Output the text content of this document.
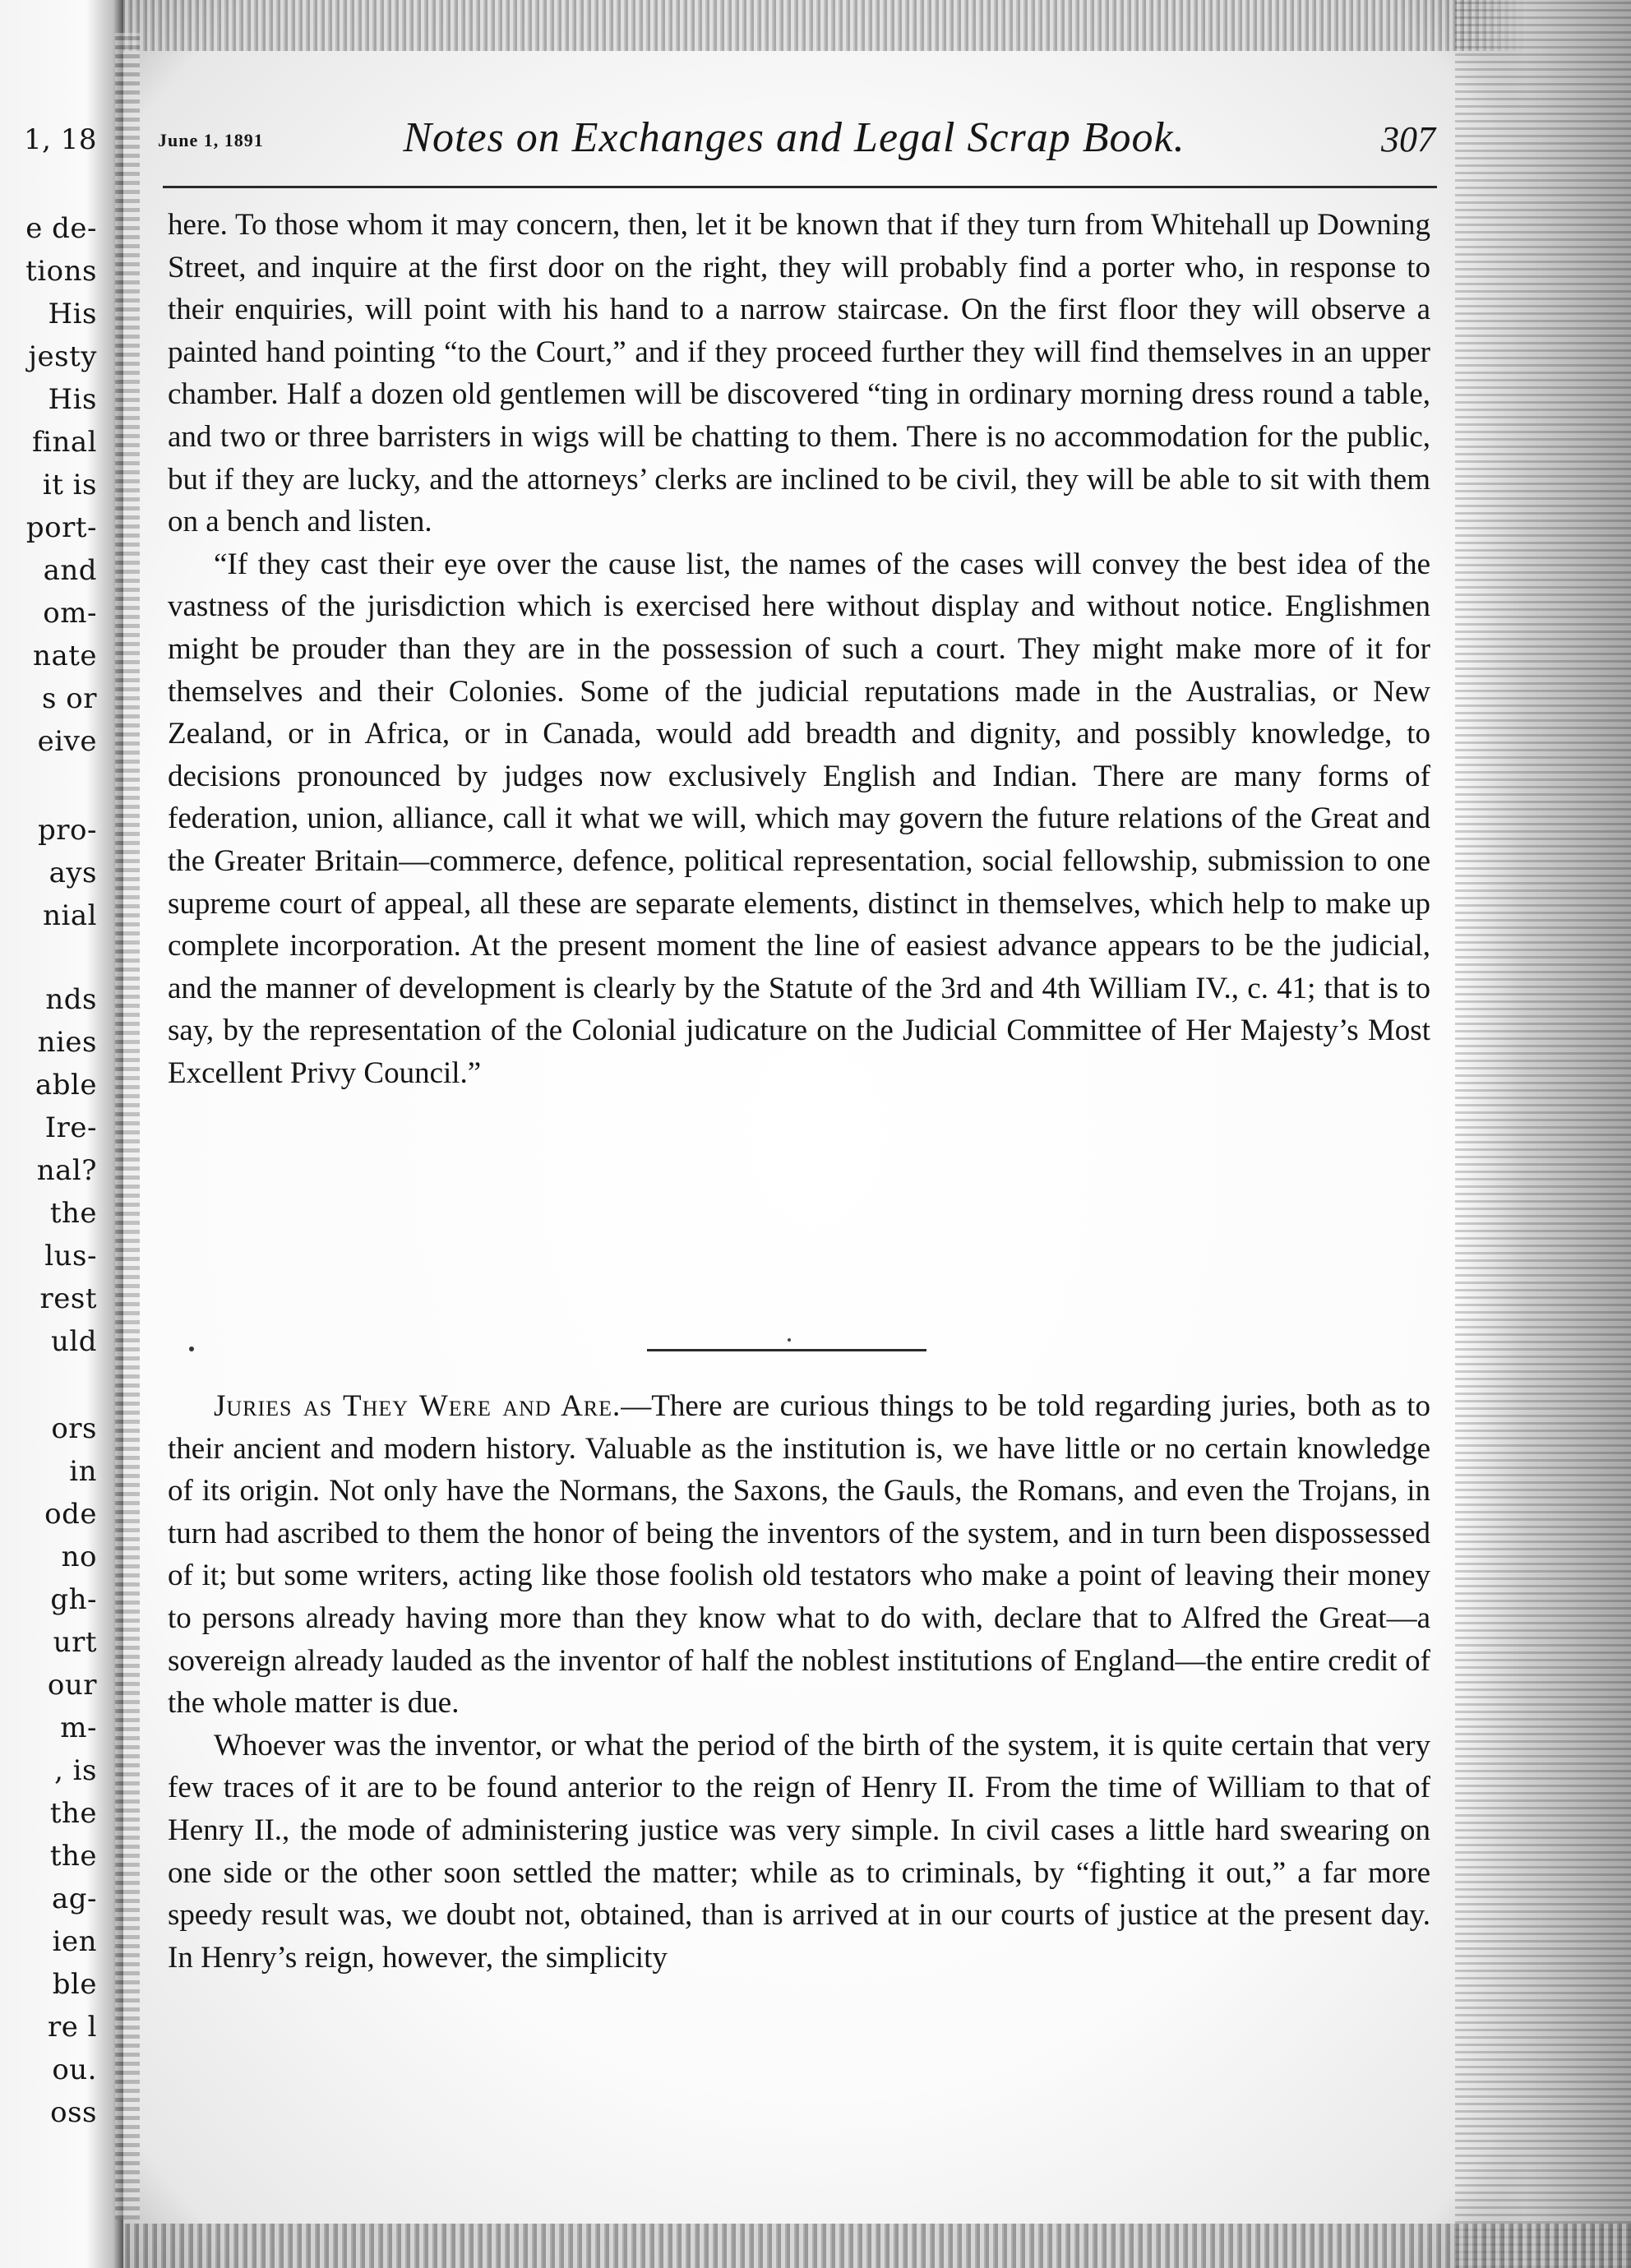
1, 18
e de-
tions
His
jesty
His
final
it is
port-
and
om-
nate
s or
eive
pro-
ays
nial
nds
nies
able
Ire-
nal?
the
lus-
rest
uld
ors
in
ode
no
gh-
urt
our
m-
, is
the
the
ag-
ien
ble
re l
ou.
oss
June 1, 1891	Notes on Exchanges and Legal Scrap Book.	307

here. To those whom it may concern, then, let it be known that if they turn from Whitehall up Downing Street, and inquire at the first door on the right, they will probably find a porter who, in response to their enquiries, will point with his hand to a narrow staircase. On the first floor they will observe a painted hand pointing “to the Court,” and if they proceed further they will find themselves in an upper chamber. Half a dozen old gentlemen will be discovered “ting in ordinary morning dress round a table, and two or three barristers in wigs will be chatting to them. There is no accommodation for the public, but if they are lucky, and the attorneys’ clerks are inclined to be civil, they will be able to sit with them on a bench and listen.

“If they cast their eye over the cause list, the names of the cases will convey the best idea of the vastness of the jurisdiction which is exercised here without display and without notice. Englishmen might be prouder than they are in the possession of such a court. They might make more of it for themselves and their Colonies. Some of the judicial reputations made in the Australias, or New Zealand, or in Africa, or in Canada, would add breadth and dignity, and possibly knowledge, to decisions pronounced by judges now exclusively English and Indian. There are many forms of federation, union, alliance, call it what we will, which may govern the future relations of the Great and the Greater Britain—commerce, defence, political representation, social fellowship, submission to one supreme court of appeal, all these are separate elements, distinct in themselves, which help to make up complete incorporation. At the present moment the line of easiest advance appears to be the judicial, and the manner of development is clearly by the Statute of the 3rd and 4th William IV., c. 41; that is to say, by the representation of the Colonial judicature on the Judicial Committee of Her Majesty’s Most Excellent Privy Council.”

Juries as They Were and Are.—There are curious things to be told regarding juries, both as to their ancient and modern history. Valuable as the institution is, we have little or no certain knowledge of its origin. Not only have the Normans, the Saxons, the Gauls, the Romans, and even the Trojans, in turn had ascribed to them the honor of being the inventors of the system, and in turn been dispossessed of it; but some writers, acting like those foolish old testators who make a point of leaving their money to persons already having more than they know what to do with, declare that to Alfred the Great—a sovereign already lauded as the inventor of half the noblest institutions of England—the entire credit of the whole matter is due.

Whoever was the inventor, or what the period of the birth of the system, it is quite certain that very few traces of it are to be found anterior to the reign of Henry II. From the time of William to that of Henry II., the mode of administering justice was very simple. In civil cases a little hard swearing on one side or the other soon settled the matter; while as to criminals, by “fighting it out,” a far more speedy result was, we doubt not, obtained, than is arrived at in our courts of justice at the present day. In Henry’s reign, however, the simplicity
